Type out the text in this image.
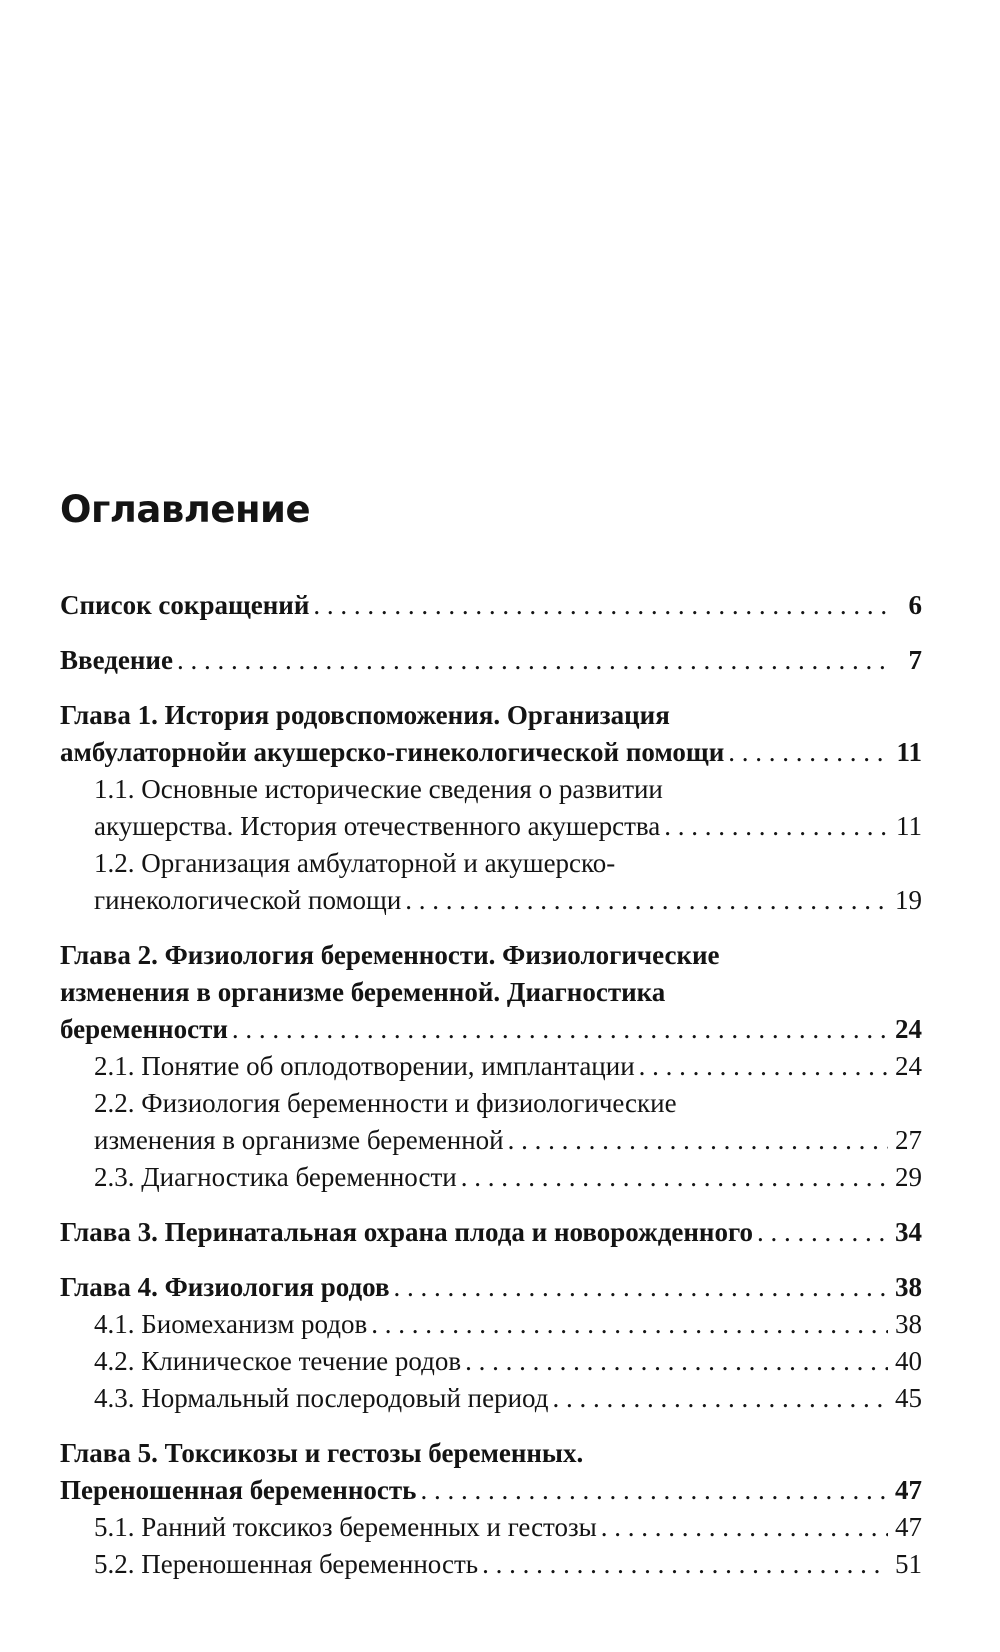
Оглавление
Список сокращений . . .	6
Введение . . .	7
Глава 1. История родовспоможения. Организация
амбулаторнойи акушерско-гинекологической помощи . . .	11
1.1. Основные исторические сведения о развитии
акушерства. История отечественного акушерства . . .	11
1.2. Организация амбулаторной и акушерско-
гинекологической помощи . . .	19
Глава 2. Физиология беременности. Физиологические
изменения в организме беременной. Диагностика
беременности . . .	24
2.1. Понятие об оплодотворении, имплантации . . .	24
2.2. Физиология беременности и физиологические
изменения в организме беременной . . .	27
2.3. Диагностика беременности . . .	29
Глава 3. Перинатальная охрана плода и новорожденного . . .	34
Глава 4. Физиология родов . . .	38
4.1. Биомеханизм родов . . .	38
4.2. Клиническое течение родов . . .	40
4.3. Нормальный послеродовый период . . .	45
Глава 5. Токсикозы и гестозы беременных.
Переношенная беременность . . .	47
5.1. Ранний токсикоз беременных и гестозы . . .	47
5.2. Переношенная беременность . . .	51
